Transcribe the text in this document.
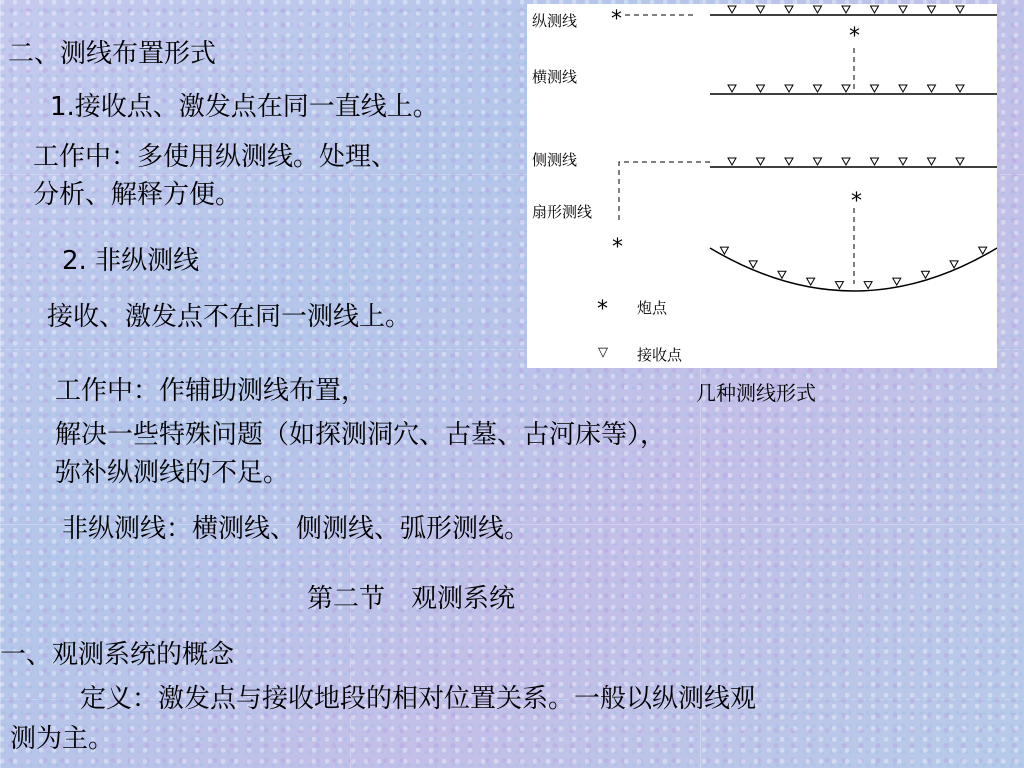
二、测线布置形式
1.接收点、激发点在同一直线上。
工作中：多使用纵测线。处理、
分析、解释方便。
2. 非纵测线
接收、激发点不在同一测线上。
工作中：作辅助测线布置，
解决一些特殊问题（如探测洞穴、古墓、古河床等），
弥补纵测线的不足。
非纵测线：横测线、侧测线、弧形测线。
第二节　观测系统
一、观测系统的概念
定义：激发点与接收地段的相对位置关系。一般以纵测线观
测为主。
纵测线
横测线
侧测线
扇形测线
*
*
*
*
* 炮点
▽ 接收点
几种测线形式
